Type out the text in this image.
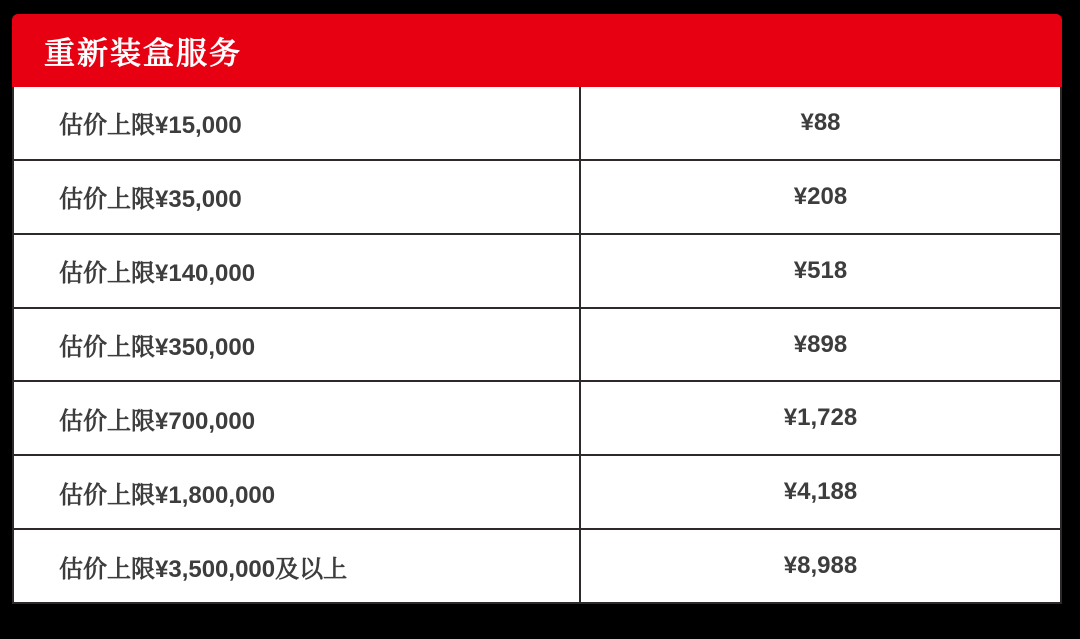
重新装盒服务
估价上限¥15,000	¥88
估价上限¥35,000	¥208
估价上限¥140,000	¥518
估价上限¥350,000	¥898
估价上限¥700,000	¥1,728
估价上限¥1,800,000	¥4,188
估价上限¥3,500,000及以上	¥8,988
